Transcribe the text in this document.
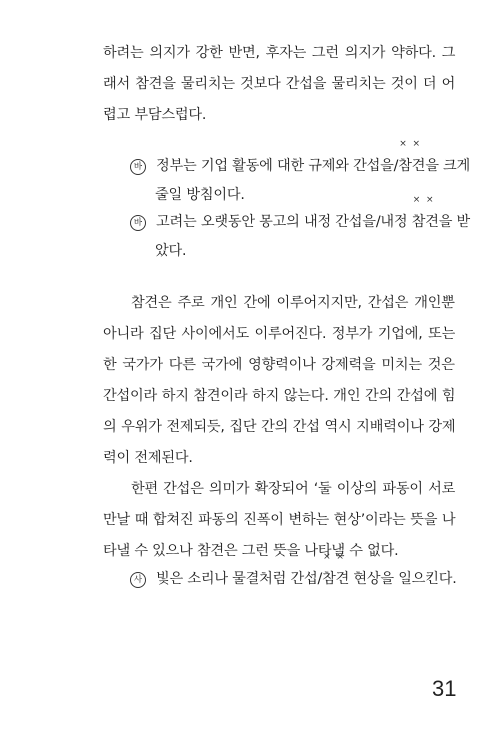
하려는 의지가 강한 반면, 후자는 그런 의지가 약하다. 그
래서 참견을 물리치는 것보다 간섭을 물리치는 것이 더 어
렵고 부담스럽다.
바 정부는 기업 활동에 대한 규제와 간섭을/×  × 참견을 크게
줄일 방침이다.
바 고려는 오랫동안 몽고의 내정 간섭을/내정 ×  × 참견을 받
았다.
참견은 주로 개인 간에 이루어지지만, 간섭은 개인뿐
아니라 집단 사이에서도 이루어진다. 정부가 기업에, 또는
한 국가가 다른 국가에 영향력이나 강제력을 미치는 것은
간섭이라 하지 참견이라 하지 않는다. 개인 간의 간섭에 힘
의 우위가 전제되듯, 집단 간의 간섭 역시 지배력이나 강제
력이 전제된다.
한편 간섭은 의미가 확장되어 ‘둘 이상의 파동이 서로
만날 때 합쳐진 파동의 진폭이 변하는 현상’이라는 뜻을 나
타낼 수 있으나 참견은 그런 뜻을 나타낼 수 없다.
사 빛은 소리나 물결처럼 간섭/×  × 참견 현상을 일으킨다.
31
